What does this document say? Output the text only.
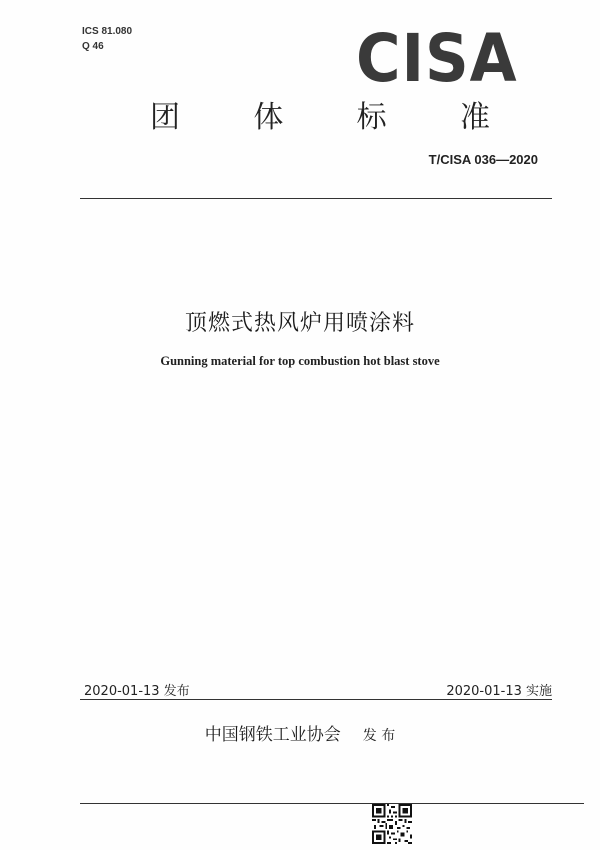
ICS 81.080
Q 46	CISA
团 体 标 准
T/CISA 036—2020
顶燃式热风炉用喷涂料
Gunning material for top combustion hot blast stove
2020-01-13 发布	2020-01-13 实施
中国钢铁工业协会 发 布
